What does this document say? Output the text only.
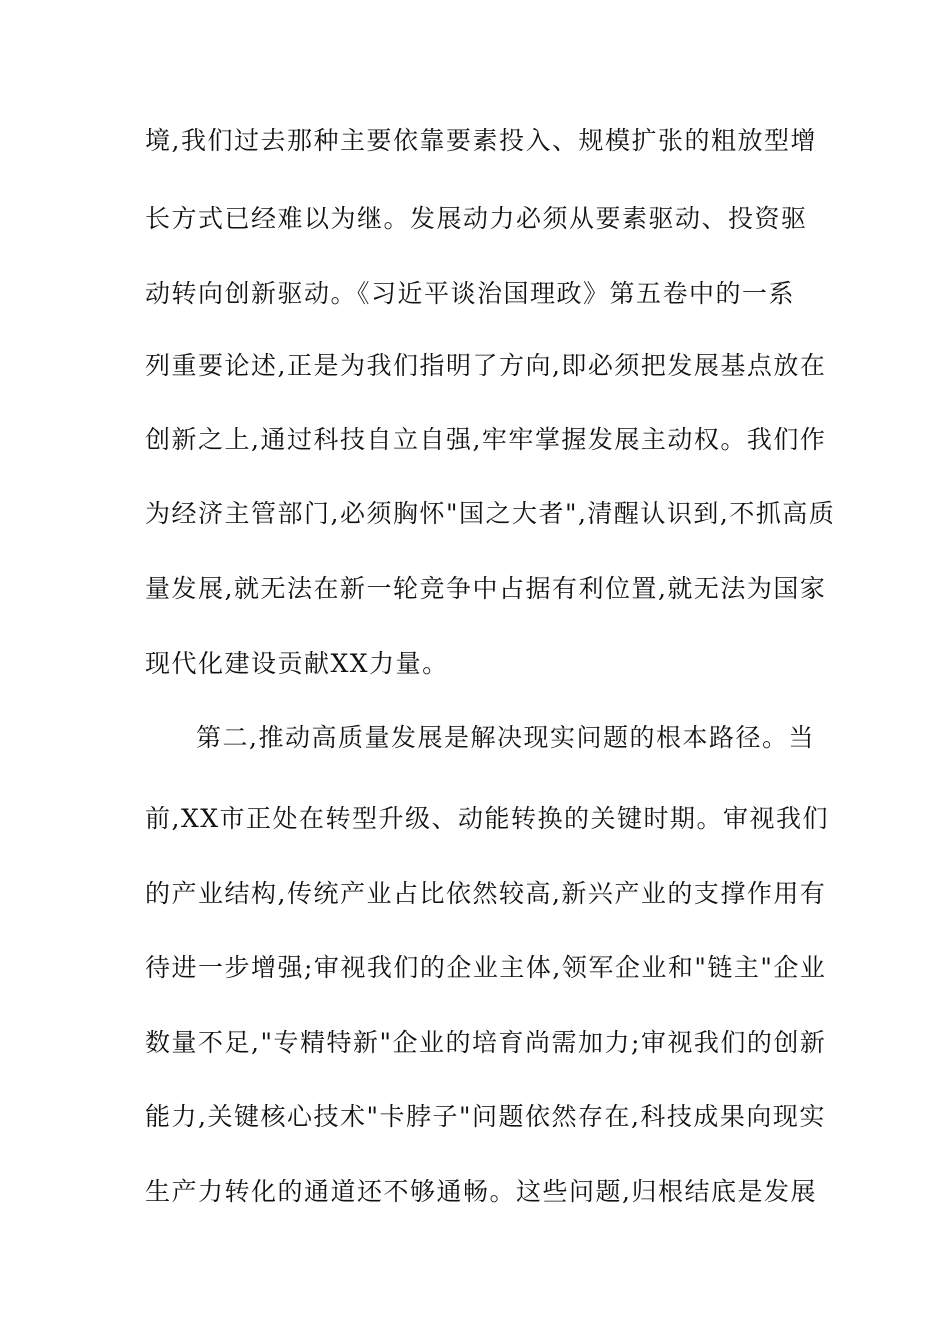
境,我们过去那种主要依靠要素投入、规模扩张的粗放型增
长方式已经难以为继。发展动力必须从要素驱动、投资驱
动转向创新驱动。《习近平谈治国理政》第五卷中的一系
列重要论述,正是为我们指明了方向,即必须把发展基点放在
创新之上,通过科技自立自强,牢牢掌握发展主动权。我们作
为经济主管部门,必须胸怀"国之大者",清醒认识到,不抓高质
量发展,就无法在新一轮竞争中占据有利位置,就无法为国家
现代化建设贡献XX力量。
第二,推动高质量发展是解决现实问题的根本路径。当
前,XX市正处在转型升级、动能转换的关键时期。审视我们
的产业结构,传统产业占比依然较高,新兴产业的支撑作用有
待进一步增强;审视我们的企业主体,领军企业和"链主"企业
数量不足,"专精特新"企业的培育尚需加力;审视我们的创新
能力,关键核心技术"卡脖子"问题依然存在,科技成果向现实
生产力转化的通道还不够通畅。这些问题,归根结底是发展
